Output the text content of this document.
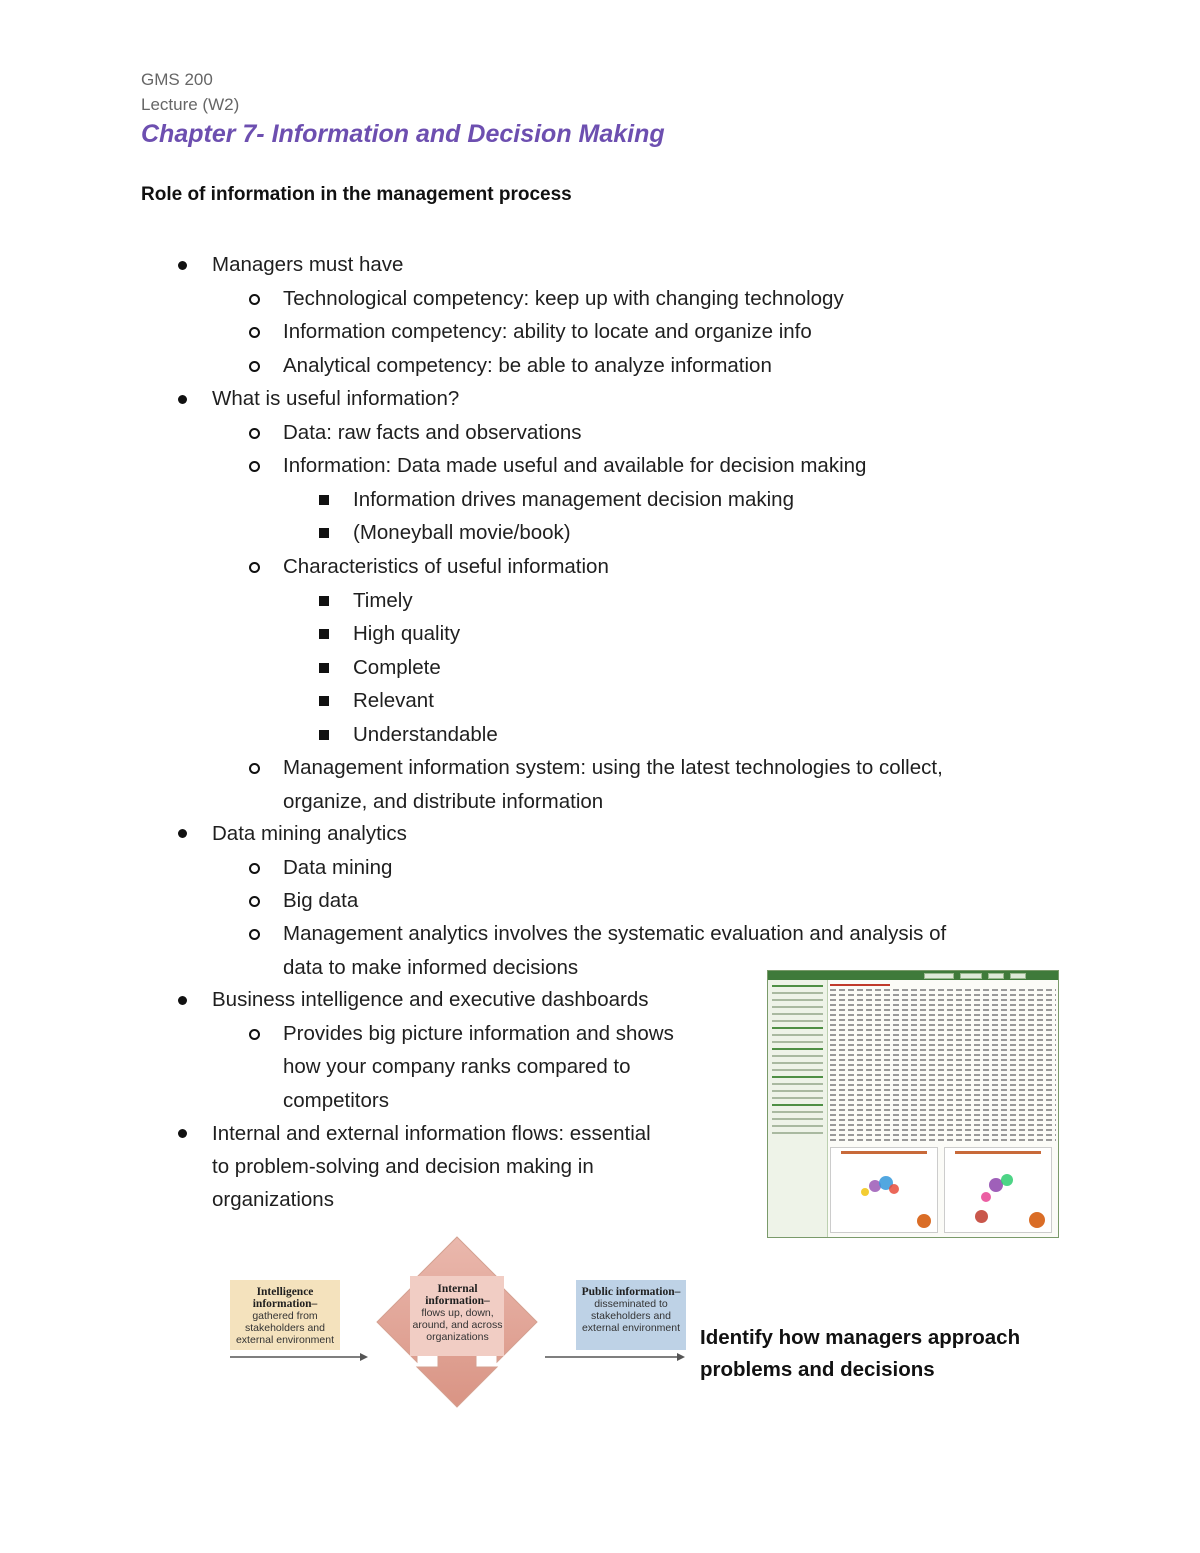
GMS 200
Lecture (W2)
Chapter 7- Information and Decision Making
Role of information in the management process
Managers must have
Technological competency: keep up with changing technology
Information competency: ability to locate and organize info
Analytical competency: be able to analyze information
What is useful information?
Data: raw facts and observations
Information: Data made useful and available for decision making
Information drives management decision making
(Moneyball movie/book)
Characteristics of useful information
Timely
High quality
Complete
Relevant
Understandable
Management information system: using the latest technologies to collect,
organize, and distribute information
Data mining analytics
Data mining
Big data
Management analytics involves the systematic evaluation and analysis of
data to make informed decisions
Business intelligence and executive dashboards
Provides big picture information and shows
how your company ranks compared to
competitors
Internal and external information flows: essential
to problem-solving and decision making in
organizations
Intelligence information–
gathered from stakeholders and external environment
Internal information–
flows up, down, around, and across organizations
Public information–
disseminated to stakeholders and external environment Identify how managers approach
problems and decisions
